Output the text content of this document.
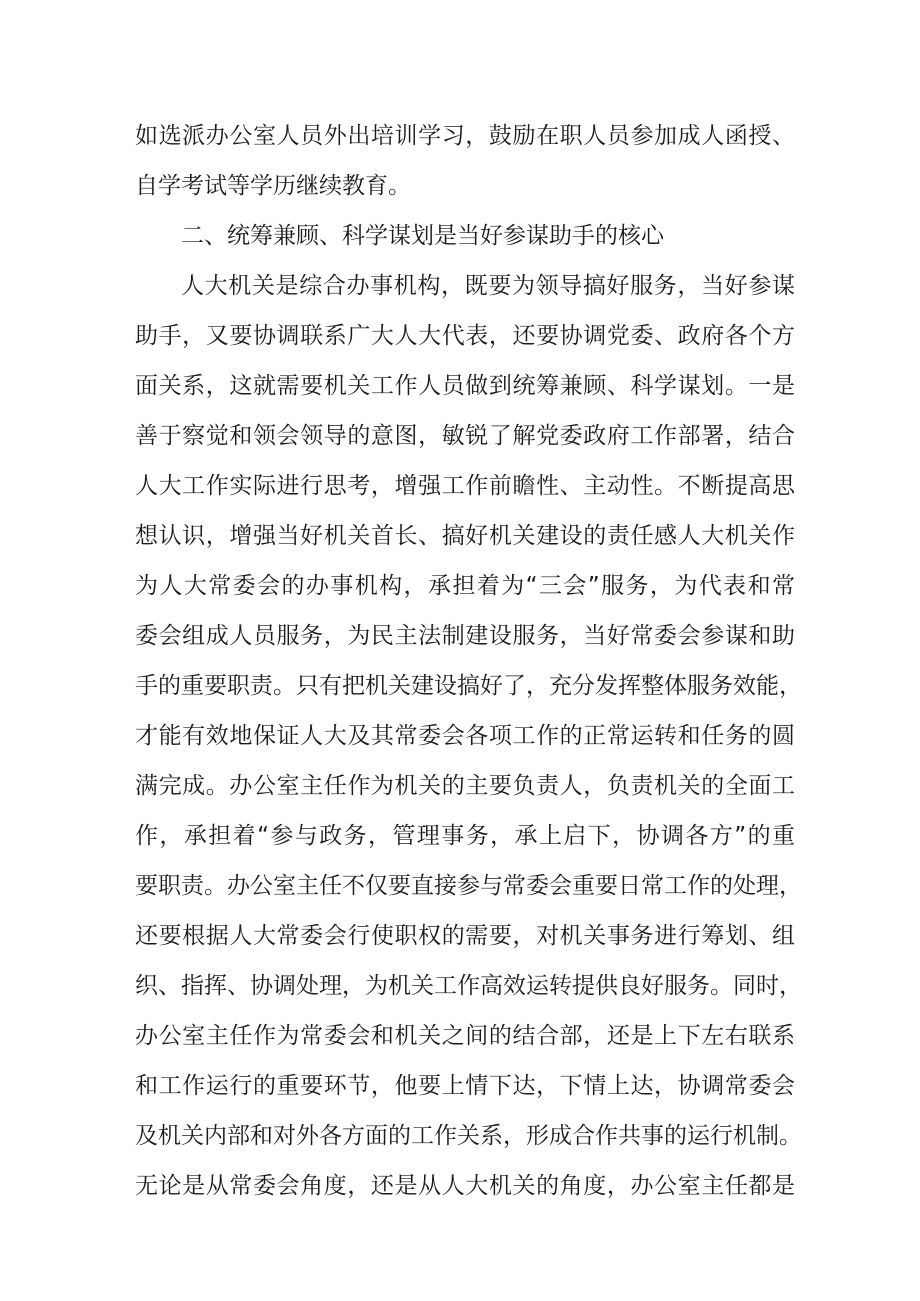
如选派办公室人员外出培训学习，鼓励在职人员参加成人函授、
自学考试等学历继续教育。
二、统筹兼顾、科学谋划是当好参谋助手的核心
人大机关是综合办事机构，既要为领导搞好服务，当好参谋
助手，又要协调联系广大人大代表，还要协调党委、政府各个方
面关系，这就需要机关工作人员做到统筹兼顾、科学谋划。一是
善于察觉和领会领导的意图，敏锐了解党委政府工作部署，结合
人大工作实际进行思考，增强工作前瞻性、主动性。不断提高思
想认识，增强当好机关首长、搞好机关建设的责任感人大机关作
为人大常委会的办事机构，承担着为“三会”服务，为代表和常
委会组成人员服务，为民主法制建设服务，当好常委会参谋和助
手的重要职责。只有把机关建设搞好了，充分发挥整体服务效能，
才能有效地保证人大及其常委会各项工作的正常运转和任务的圆
满完成。办公室主任作为机关的主要负责人，负责机关的全面工
作，承担着“参与政务，管理事务，承上启下，协调各方”的重
要职责。办公室主任不仅要直接参与常委会重要日常工作的处理，
还要根据人大常委会行使职权的需要，对机关事务进行筹划、组
织、指挥、协调处理，为机关工作高效运转提供良好服务。同时，
办公室主任作为常委会和机关之间的结合部，还是上下左右联系
和工作运行的重要环节，他要上情下达，下情上达，协调常委会
及机关内部和对外各方面的工作关系，形成合作共事的运行机制。
无论是从常委会角度，还是从人大机关的角度，办公室主任都是
